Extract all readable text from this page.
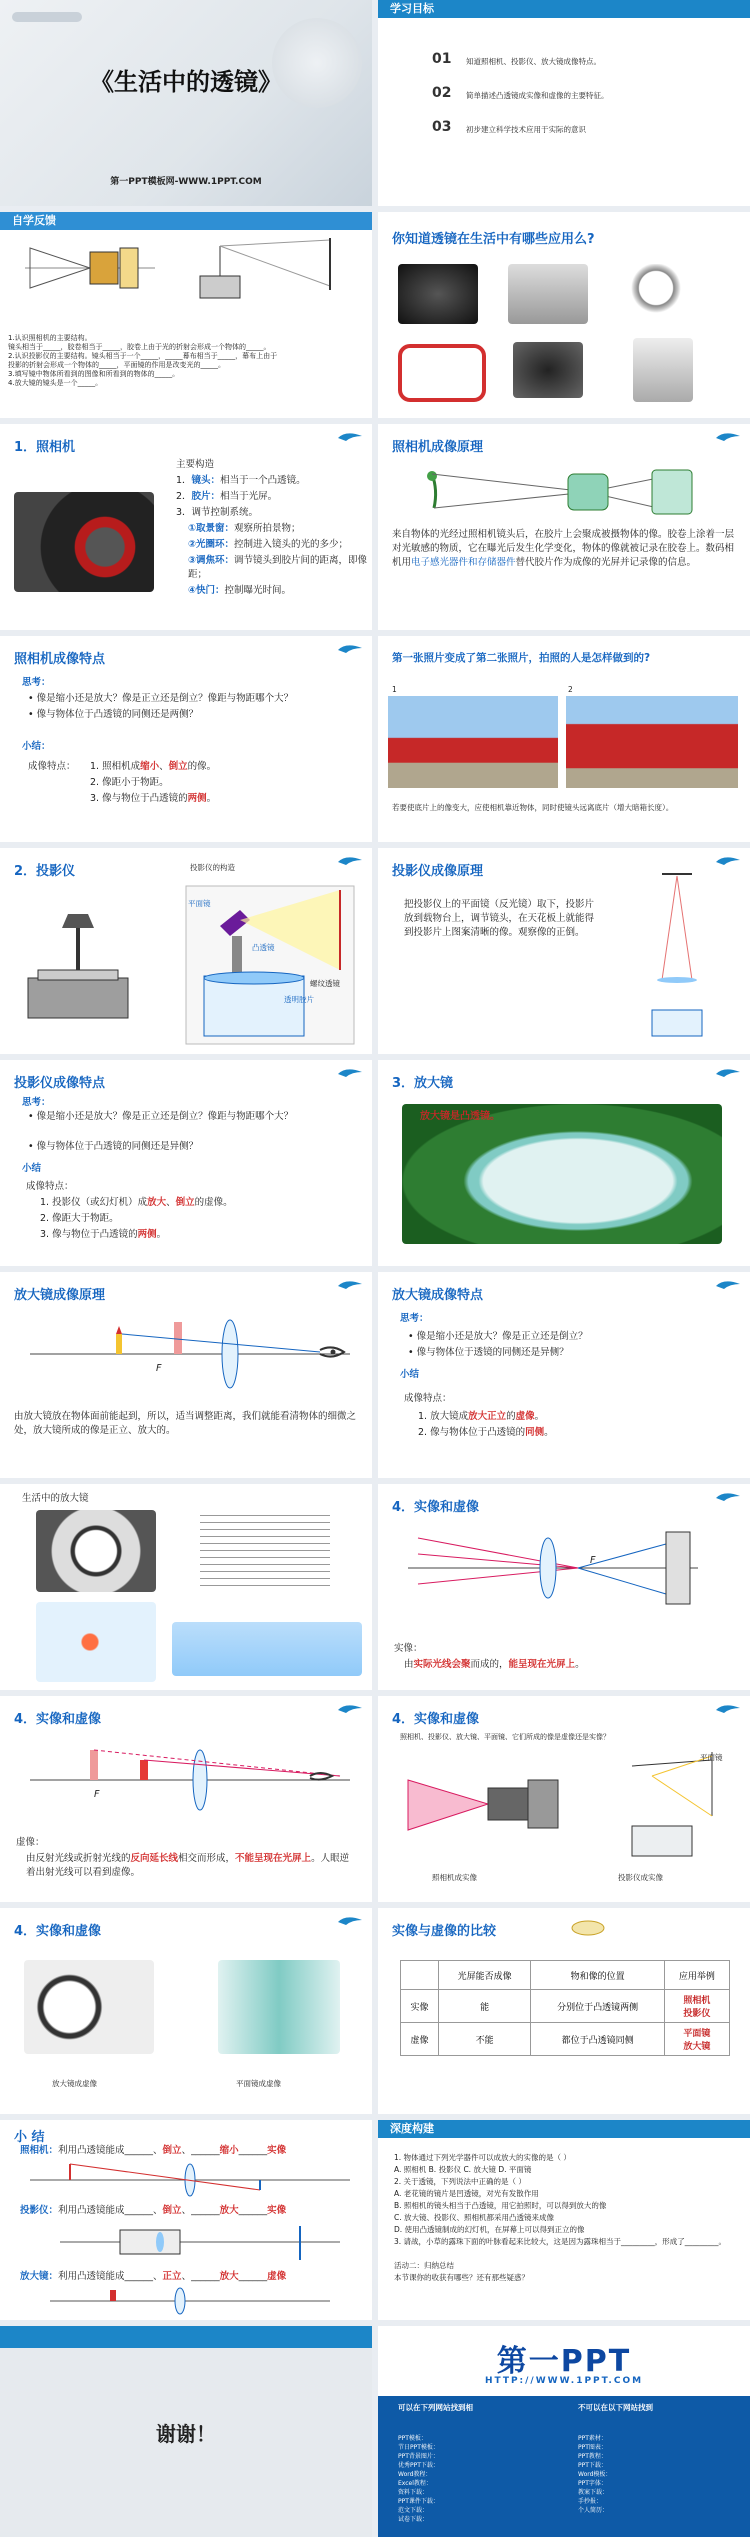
《生活中的透镜》
第一PPT模板网-WWW.1PPT.COM
学习目标
01 知道照相机、投影仪、放大镜成像特点。
02 简单描述凸透镜成实像和虚像的主要特征。
03 初步建立科学技术应用于实际的意识
自学反馈
1.认识照相机的主要结构。
镜头相当于_____，胶卷相当于_____，胶卷上由于光的折射会形成一个物体的_____。
2.认识投影仪的主要结构。镜头相当于一个_____，_____幕布相当于_____，幕布上由于
投影的折射会形成一个物体的_____，平面镜的作用是改变光的_____。
3.填写镜中物体所看到的图像和所看到的物体的_____。
4.放大镜的镜头是一个_____。
你知道透镜在生活中有哪些应用么?
1．照相机
主要构造
1．镜头：相当于一个凸透镜。
2．胶片：相当于光屏。
3．调节控制系统。
①取景窗：观察所拍景物；
②光圈环：控制进入镜头的光的多少；
③调焦环：调节镜头到胶片间的距离，即像距；
④快门：控制曝光时间。
照相机成像原理
来自物体的光经过照相机镜头后，在胶片上会聚成被摄物体的像。胶卷上涂着一层对光敏感的物质，它在曝光后发生化学变化，物体的像就被记录在胶卷上。数码相机用电子感光器件和存储器件替代胶片作为成像的光屏并记录像的信息。
照相机成像特点
思考：
• 像是缩小还是放大？像是正立还是倒立？像距与物距哪个大？
• 像与物体位于凸透镜的同侧还是两侧？
小结：
成像特点： 1. 照相机成缩小、倒立的像。
2. 像距小于物距。
3. 像与物位于凸透镜的两侧。
第一张照片变成了第二张照片，拍照的人是怎样做到的?
1	2
若要使底片上的像变大，应使相机靠近物体，同时使镜头远离底片（增大暗箱长度）。
2．投影仪	投影仪的构造
平面镜
凸透镜
螺纹透镜
透明胶片
投影仪成像原理
把投影仪上的平面镜（反光镜）取下，投影片放到载物台上，调节镜头，在天花板上就能得到投影片上图案清晰的像。观察像的正倒。
投影仪成像特点
思考：
• 像是缩小还是放大？像是正立还是倒立？像距与物距哪个大？
• 像与物体位于凸透镜的同侧还是异侧？
小结
成像特点：
1. 投影仪（或幻灯机）成放大、倒立的虚像。
2. 像距大于物距。
3. 像与物位于凸透镜的两侧。
3．放大镜
放大镜是凸透镜。
放大镜成像原理
F
由放大镜放在物体面前能起到，所以，适当调整距离，我们就能看清物体的细微之处，放大镜所成的像是正立、放大的。
放大镜成像特点
思考：
• 像是缩小还是放大？像是正立还是倒立？
• 像与物体位于透镜的同侧还是异侧？
小结
成像特点：
1. 放大镜成放大正立的虚像。
2. 像与物体位于凸透镜的同侧。
生活中的放大镜
4．实像和虚像
F
实像：
由实际光线会聚而成的，能呈现在光屏上。
4．实像和虚像
F
虚像：
由反射光线或折射光线的反向延长线相交而形成，不能呈现在光屏上。人眼逆着出射光线可以看到虚像。
4．实像和虚像
照相机、投影仪、放大镜、平面镜、它们所成的像是虚像还是实像？
平面镜
照相机成实像	投影仪成实像
4．实像和虚像
放大镜成虚像	平面镜成虚像
实像与虚像的比较
	光屏能否成像	物和像的位置	应用举例
实像	能	分别位于凸透镜两侧	照相机
投影仪
虚像	不能	都位于凸透镜同侧	平面镜
放大镜
小 结
照相机：利用凸透镜能成______、倒立、______缩小______实像
投影仪：利用凸透镜能成______、倒立、______放大______实像
放大镜：利用凸透镜能成______、正立、______放大______虚像
深度构建
1. 物体通过下列光学器件可以成放大的实像的是（ ）
A. 照相机 B. 投影仪 C. 放大镜 D. 平面镜
2. 关于透镜，下列说法中正确的是（ ）
A. 老花镜的镜片是凹透镜，对光有发散作用
B. 照相机的镜头相当于凸透镜，用它拍照时，可以得到放大的像
C. 放大镜、投影仪、照相机都采用凸透镜来成像
D. 使用凸透镜制成的幻灯机，在屏幕上可以得到正立的像
3. 请战，小草的露珠下面的叶脉看起来比较大，这是因为露珠相当于_________，形成了_________。
活动二：归纳总结
本节课你的收获有哪些？还有那些疑惑？
谢谢！
第一PPT
HTTP://WWW.1PPT.COM
可以在下列网站找到相	不可以在以下网站找到
PPT模板：
节日PPT模板：
PPT背景图片：
优秀PPT下载：
Word教程：
Excel教程：
资料下载：
PPT课件下载：
范文下载：
试卷下载：
PPT素材：
PPT图表：
PPT教程：
PPT下载：
Word模板：
PPT字体：
教案下载：
手抄报：
个人简历：
